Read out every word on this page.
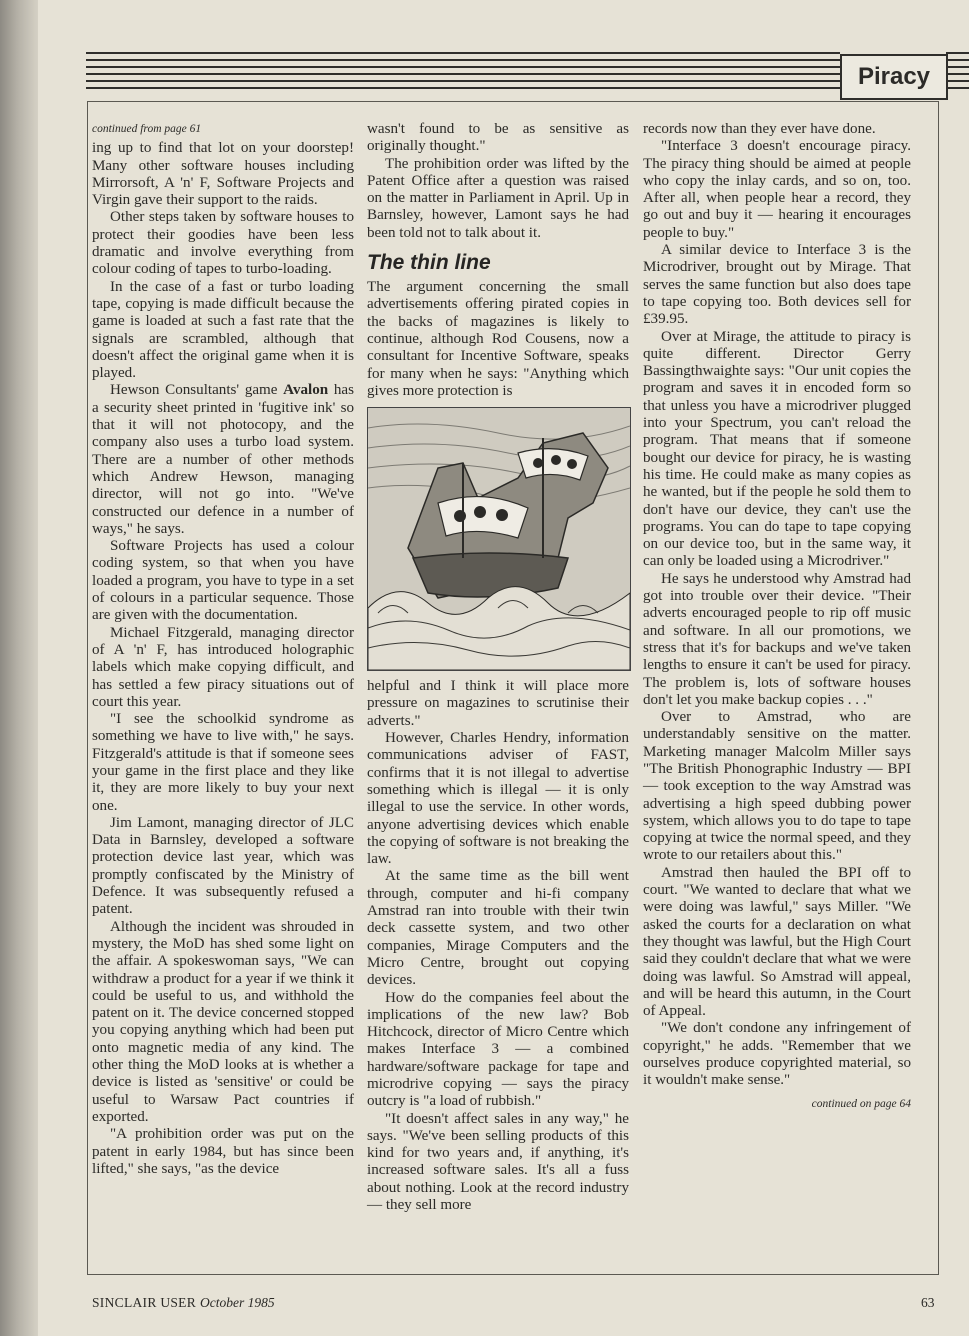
Piracy
continued from page 61

ing up to find that lot on your doorstep! Many other software houses including Mirrorsoft, A 'n' F, Software Projects and Virgin gave their support to the raids.

Other steps taken by software houses to protect their goodies have been less dramatic and involve everything from colour coding of tapes to turbo-loading.

In the case of a fast or turbo loading tape, copying is made difficult because the game is loaded at such a fast rate that the signals are scrambled, although that doesn't affect the original game when it is played.

Hewson Consultants' game Avalon has a security sheet printed in 'fugitive ink' so that it will not photocopy, and the company also uses a turbo load system. There are a number of other methods which Andrew Hewson, managing director, will not go into. "We've constructed our defence in a number of ways," he says.

Software Projects has used a colour coding system, so that when you have loaded a program, you have to type in a set of colours in a particular sequence. Those are given with the documentation.

Michael Fitzgerald, managing director of A 'n' F, has introduced holographic labels which make copying difficult, and has settled a few piracy situations out of court this year.

"I see the schoolkid syndrome as something we have to live with," he says. Fitzgerald's attitude is that if someone sees your game in the first place and they like it, they are more likely to buy your next one.

Jim Lamont, managing director of JLC Data in Barnsley, developed a software protection device last year, which was promptly confiscated by the Ministry of Defence. It was subsequently refused a patent.

Although the incident was shrouded in mystery, the MoD has shed some light on the affair. A spokeswoman says, "We can withdraw a product for a year if we think it could be useful to us, and withhold the patent on it. The device concerned stopped you copying anything which had been put onto magnetic media of any kind. The other thing the MoD looks at is whether a device is listed as 'sensitive' or could be useful to Warsaw Pact countries if exported.

"A prohibition order was put on the patent in early 1984, but has since been lifted," she says, "as the device

wasn't found to be as sensitive as originally thought."

The prohibition order was lifted by the Patent Office after a question was raised on the matter in Parliament in April. Up in Barnsley, however, Lamont says he had been told not to talk about it.

The thin line

The argument concerning the small advertisements offering pirated copies in the backs of magazines is likely to continue, although Rod Cousens, now a consultant for Incentive Software, speaks for many when he says: "Anything which gives more protection is

helpful and I think it will place more pressure on magazines to scrutinise their adverts."

However, Charles Hendry, information communications adviser of FAST, confirms that it is not illegal to advertise something which is illegal — it is only illegal to use the service. In other words, anyone advertising devices which enable the copying of software is not breaking the law.

At the same time as the bill went through, computer and hi-fi company Amstrad ran into trouble with their twin deck cassette system, and two other companies, Mirage Computers and the Micro Centre, brought out copying devices.

How do the companies feel about the implications of the new law? Bob Hitchcock, director of Micro Centre which makes Interface 3 — a combined hardware/software package for tape and microdrive copying — says the piracy outcry is "a load of rubbish."

"It doesn't affect sales in any way," he says. "We've been selling products of this kind for two years and, if anything, it's increased software sales. It's all a fuss about nothing. Look at the record industry — they sell more

records now than they ever have done.

"Interface 3 doesn't encourage piracy. The piracy thing should be aimed at people who copy the inlay cards, and so on, too. After all, when people hear a record, they go out and buy it — hearing it encourages people to buy."

A similar device to Interface 3 is the Microdriver, brought out by Mirage. That serves the same function but also does tape to tape copying too. Both devices sell for £39.95.

Over at Mirage, the attitude to piracy is quite different. Director Gerry Bassingthwaighte says: "Our unit copies the program and saves it in encoded form so that unless you have a microdriver plugged into your Spectrum, you can't reload the program. That means that if someone bought our device for piracy, he is wasting his time. He could make as many copies as he wanted, but if the people he sold them to don't have our device, they can't use the programs. You can do tape to tape copying on our device too, but in the same way, it can only be loaded using a Microdriver."

He says he understood why Amstrad had got into trouble over their device. "Their adverts encouraged people to rip off music and software. In all our promotions, we stress that it's for backups and we've taken lengths to ensure it can't be used for piracy. The problem is, lots of software houses don't let you make backup copies . . ."

Over to Amstrad, who are understandably sensitive on the matter. Marketing manager Malcolm Miller says "The British Phonographic Industry — BPI — took exception to the way Amstrad was advertising a high speed dubbing power system, which allows you to do tape to tape copying at twice the normal speed, and they wrote to our retailers about this."

Amstrad then hauled the BPI off to court. "We wanted to declare that what we were doing was lawful," says Miller. "We asked the courts for a declaration on what they thought was lawful, but the High Court said they couldn't declare that what we were doing was lawful. So Amstrad will appeal, and will be heard this autumn, in the Court of Appeal.

"We don't condone any infringement of copyright," he adds. "Remember that we ourselves produce copyrighted material, so it wouldn't make sense."

continued on page 64
SINCLAIR USER October 1985	63
